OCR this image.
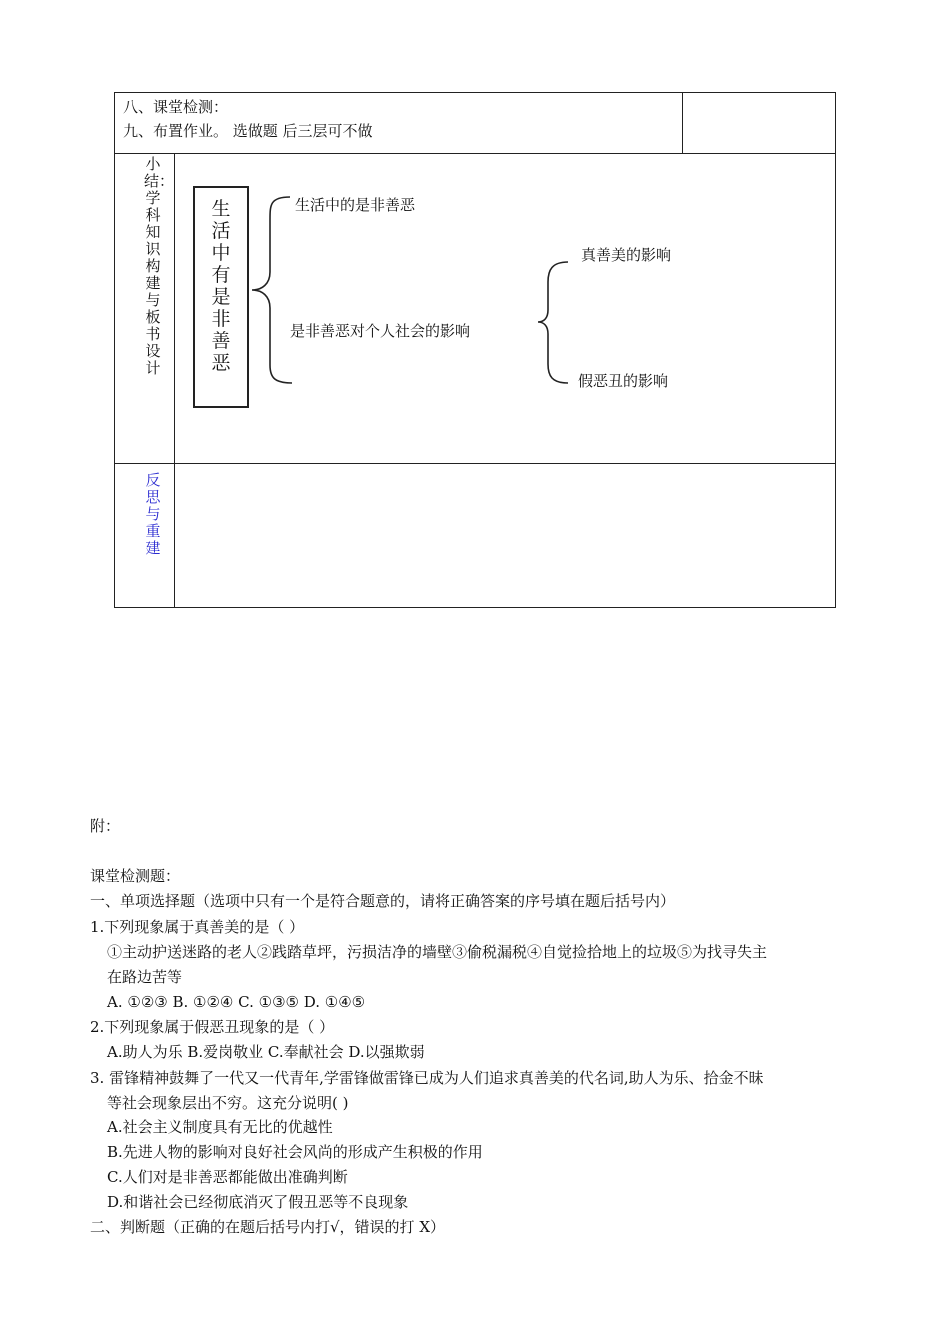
八、课堂检测：
九、布置作业。 选做题 后三层可不做
小结：学科知识构建与板书设计
生活中有是非善恶
生活中的是非善恶
是非善恶对个人社会的影响
真善美的影响
假恶丑的影响
反思与重建
附：
课堂检测题：
一、单项选择题（选项中只有一个是符合题意的，请将正确答案的序号填在题后括号内）
1.下列现象属于真善美的是（ ）
①主动护送迷路的老人②践踏草坪，污损洁净的墙壁③偷税漏税④自觉捡拾地上的垃圾⑤为找寻失主
在路边苦等
A. ①②③ B. ①②④ C. ①③⑤ D. ①④⑤
2.下列现象属于假恶丑现象的是（ ）
A.助人为乐 B.爱岗敬业 C.奉献社会 D.以强欺弱
3. 雷锋精神鼓舞了一代又一代青年,学雷锋做雷锋已成为人们追求真善美的代名词,助人为乐、拾金不昧
等社会现象层出不穷。这充分说明( )
A.社会主义制度具有无比的优越性
B.先进人物的影响对良好社会风尚的形成产生积极的作用
C.人们对是非善恶都能做出准确判断
D.和谐社会已经彻底消灭了假丑恶等不良现象
二、判断题（正确的在题后括号内打√，错误的打 X）
